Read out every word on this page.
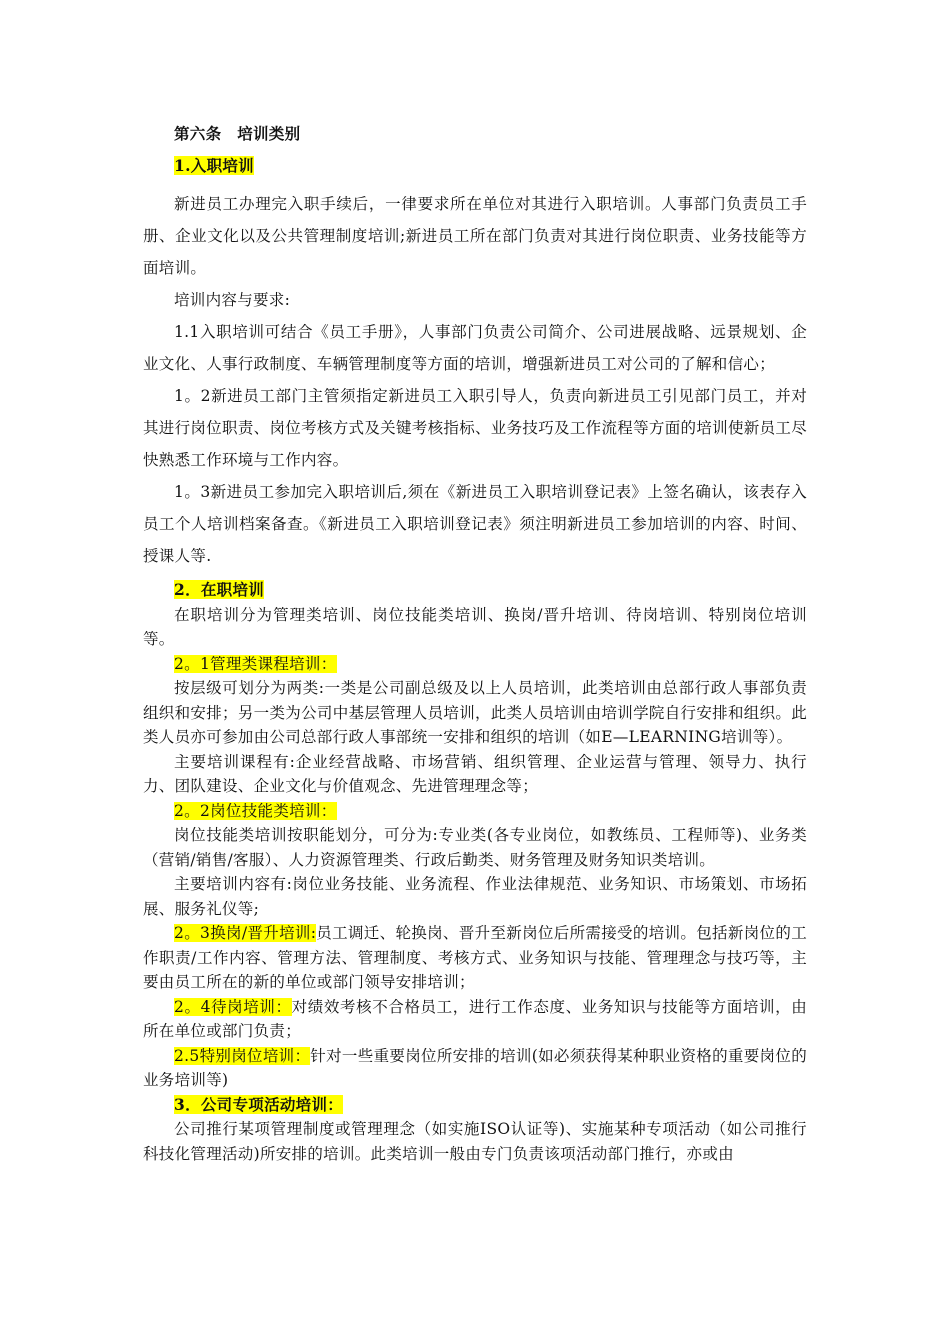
第六条　培训类别
1.入职培训

新进员工办理完入职手续后，一律要求所在单位对其进行入职培训。人事部门负责员工手册、企业文化以及公共管理制度培训;新进员工所在部门负责对其进行岗位职责、业务技能等方面培训。

培训内容与要求:

1.1入职培训可结合《员工手册》，人事部门负责公司简介、公司进展战略、远景规划、企业文化、人事行政制度、车辆管理制度等方面的培训，增强新进员工对公司的了解和信心；

1。2新进员工部门主管须指定新进员工入职引导人，负责向新进员工引见部门员工，并对其进行岗位职责、岗位考核方式及关键考核指标、业务技巧及工作流程等方面的培训使新员工尽快熟悉工作环境与工作内容。

1。3新进员工参加完入职培训后,须在《新进员工入职培训登记表》上签名确认，该表存入员工个人培训档案备查。《新进员工入职培训登记表》须注明新进员工参加培训的内容、时间、授课人等.

2．在职培训

在职培训分为管理类培训、岗位技能类培训、换岗/晋升培训、待岗培训、特别岗位培训等。

2。1管理类课程培训：

按层级可划分为两类:一类是公司副总级及以上人员培训，此类培训由总部行政人事部负责组织和安排；另一类为公司中基层管理人员培训，此类人员培训由培训学院自行安排和组织。此类人员亦可参加由公司总部行政人事部统一安排和组织的培训（如E—LEARNING培训等）。

主要培训课程有:企业经营战略、市场营销、组织管理、企业运营与管理、领导力、执行力、团队建设、企业文化与价值观念、先进管理理念等；

2。2岗位技能类培训：

岗位技能类培训按职能划分，可分为:专业类(各专业岗位，如教练员、工程师等)、业务类（营销/销售/客服）、人力资源管理类、行政后勤类、财务管理及财务知识类培训。

主要培训内容有:岗位业务技能、业务流程、作业法律规范、业务知识、市场策划、市场拓展、服务礼仪等;

2。3换岗/晋升培训:员工调迁、轮换岗、晋升至新岗位后所需接受的培训。包括新岗位的工作职责/工作内容、管理方法、管理制度、考核方式、业务知识与技能、管理理念与技巧等，主要由员工所在的新的单位或部门领导安排培训；

2。4待岗培训：对绩效考核不合格员工，进行工作态度、业务知识与技能等方面培训，由所在单位或部门负责；

2.5特别岗位培训：针对一些重要岗位所安排的培训(如必须获得某种职业资格的重要岗位的业务培训等)

3．公司专项活动培训：

公司推行某项管理制度或管理理念（如实施ISO认证等)、实施某种专项活动（如公司推行科技化管理活动)所安排的培训。此类培训一般由专门负责该项活动部门推行，亦或由
